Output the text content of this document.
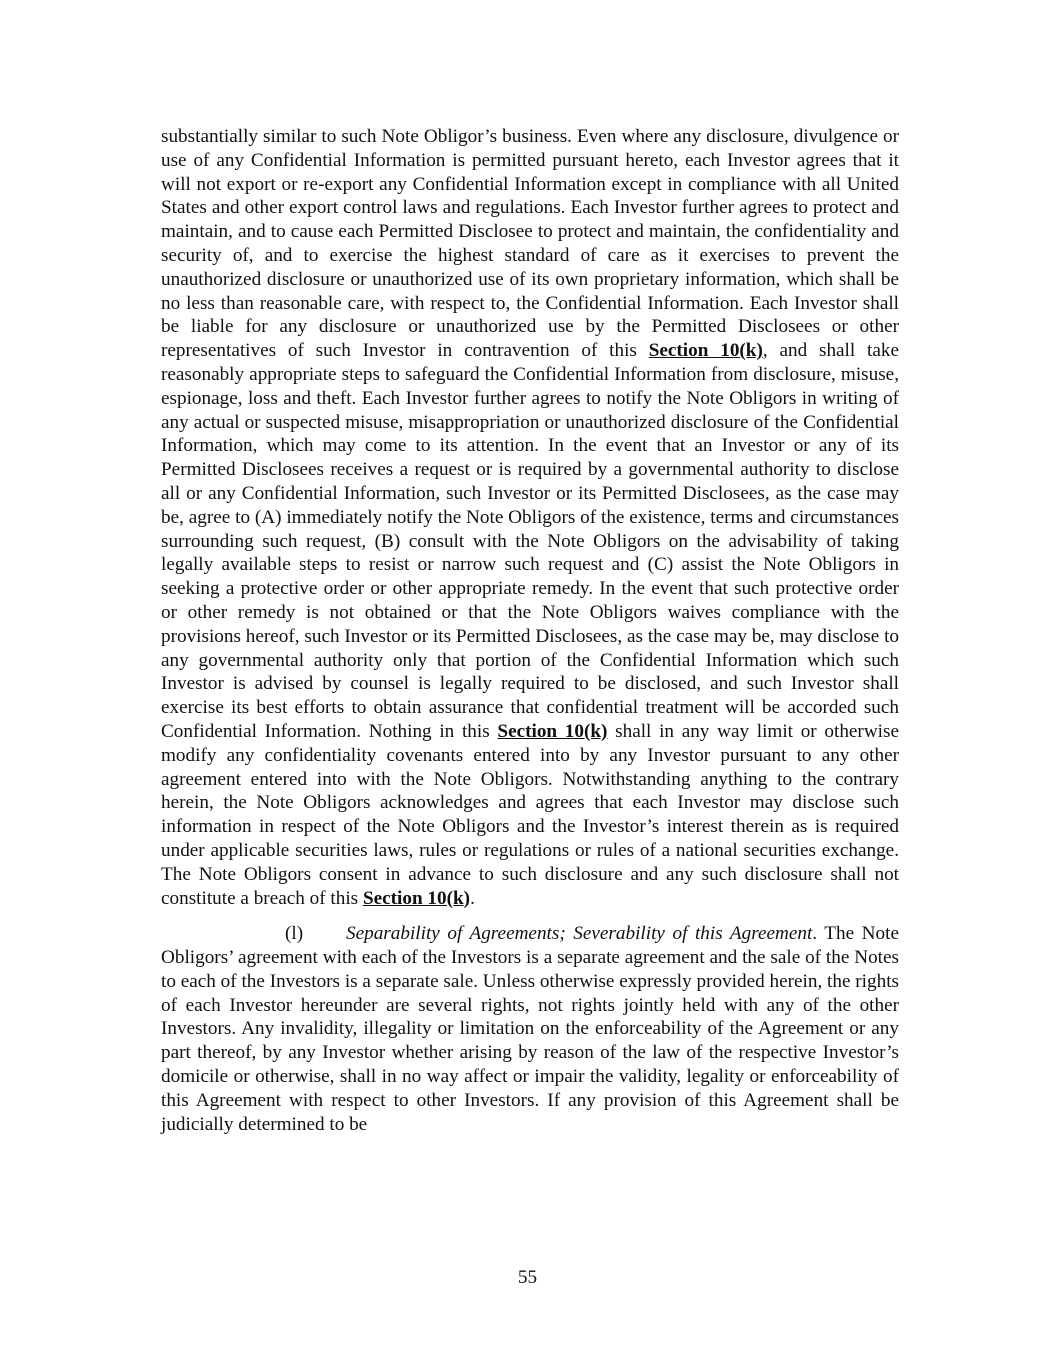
substantially similar to such Note Obligor’s business. Even where any disclosure, divulgence or use of any Confidential Information is permitted pursuant hereto, each Investor agrees that it will not export or re-export any Confidential Information except in compliance with all United States and other export control laws and regulations. Each Investor further agrees to protect and maintain, and to cause each Permitted Disclosee to protect and maintain, the confidentiality and security of, and to exercise the highest standard of care as it exercises to prevent the unauthorized disclosure or unauthorized use of its own proprietary information, which shall be no less than reasonable care, with respect to, the Confidential Information. Each Investor shall be liable for any disclosure or unauthorized use by the Permitted Disclosees or other representatives of such Investor in contravention of this Section 10(k), and shall take reasonably appropriate steps to safeguard the Confidential Information from disclosure, misuse, espionage, loss and theft. Each Investor further agrees to notify the Note Obligors in writing of any actual or suspected misuse, misappropriation or unauthorized disclosure of the Confidential Information, which may come to its attention. In the event that an Investor or any of its Permitted Disclosees receives a request or is required by a governmental authority to disclose all or any Confidential Information, such Investor or its Permitted Disclosees, as the case may be, agree to (A) immediately notify the Note Obligors of the existence, terms and circumstances surrounding such request, (B) consult with the Note Obligors on the advisability of taking legally available steps to resist or narrow such request and (C) assist the Note Obligors in seeking a protective order or other appropriate remedy. In the event that such protective order or other remedy is not obtained or that the Note Obligors waives compliance with the provisions hereof, such Investor or its Permitted Disclosees, as the case may be, may disclose to any governmental authority only that portion of the Confidential Information which such Investor is advised by counsel is legally required to be disclosed, and such Investor shall exercise its best efforts to obtain assurance that confidential treatment will be accorded such Confidential Information. Nothing in this Section 10(k) shall in any way limit or otherwise modify any confidentiality covenants entered into by any Investor pursuant to any other agreement entered into with the Note Obligors. Notwithstanding anything to the contrary herein, the Note Obligors acknowledges and agrees that each Investor may disclose such information in respect of the Note Obligors and the Investor’s interest therein as is required under applicable securities laws, rules or regulations or rules of a national securities exchange. The Note Obligors consent in advance to such disclosure and any such disclosure shall not constitute a breach of this Section 10(k).

(l) Separability of Agreements; Severability of this Agreement. The Note Obligors’ agreement with each of the Investors is a separate agreement and the sale of the Notes to each of the Investors is a separate sale. Unless otherwise expressly provided herein, the rights of each Investor hereunder are several rights, not rights jointly held with any of the other Investors. Any invalidity, illegality or limitation on the enforceability of the Agreement or any part thereof, by any Investor whether arising by reason of the law of the respective Investor’s domicile or otherwise, shall in no way affect or impair the validity, legality or enforceability of this Agreement with respect to other Investors. If any provision of this Agreement shall be judicially determined to be

55
